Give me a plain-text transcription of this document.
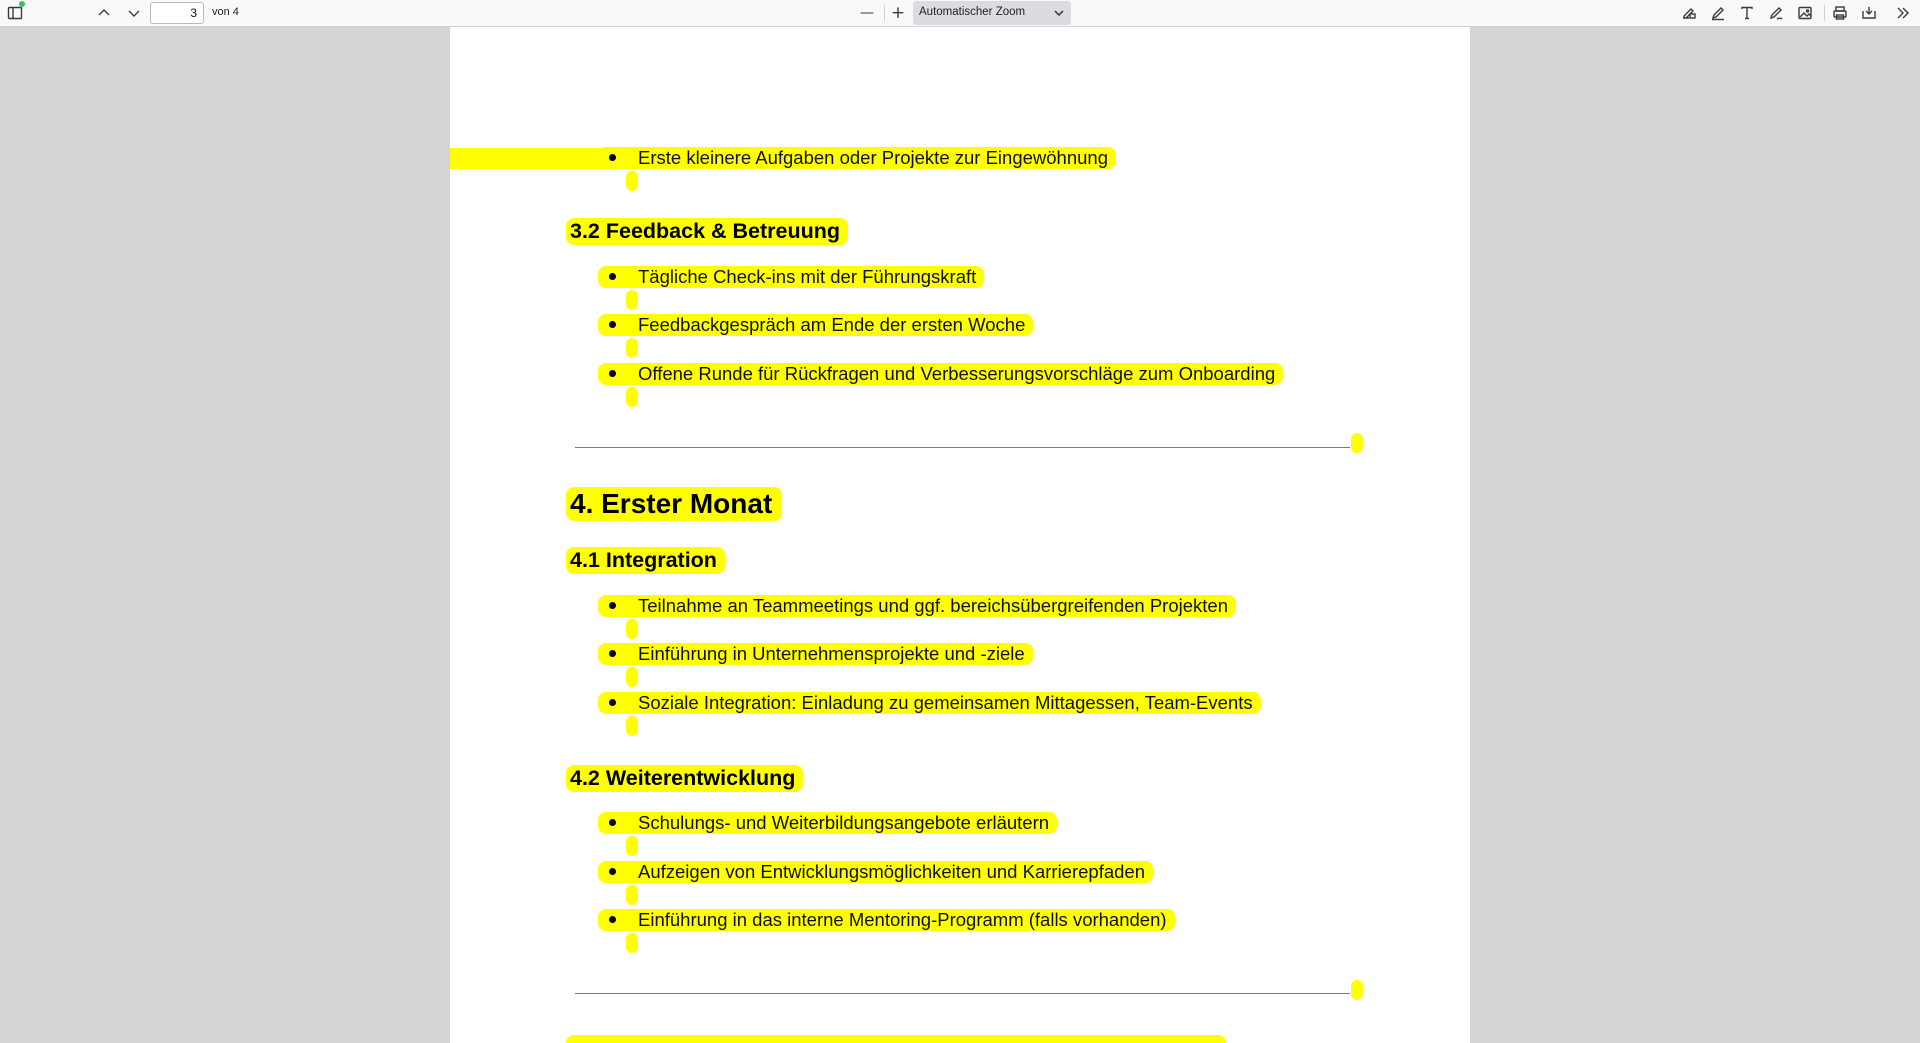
3
von 4	— +	Automatischer Zoom
Erste kleinere Aufgaben oder Projekte zur Eingewöhnung
3.2 Feedback & Betreuung
Tägliche Check-ins mit der Führungskraft
Feedbackgespräch am Ende der ersten Woche
Offene Runde für Rückfragen und Verbesserungsvorschläge zum Onboarding
4. Erster Monat
4.1 Integration
Teilnahme an Teammeetings und ggf. bereichsübergreifenden Projekten
Einführung in Unternehmensprojekte und -ziele
Soziale Integration: Einladung zu gemeinsamen Mittagessen, Team-Events
4.2 Weiterentwicklung
Schulungs- und Weiterbildungsangebote erläutern
Aufzeigen von Entwicklungsmöglichkeiten und Karrierepfaden
Einführung in das interne Mentoring-Programm (falls vorhanden)
